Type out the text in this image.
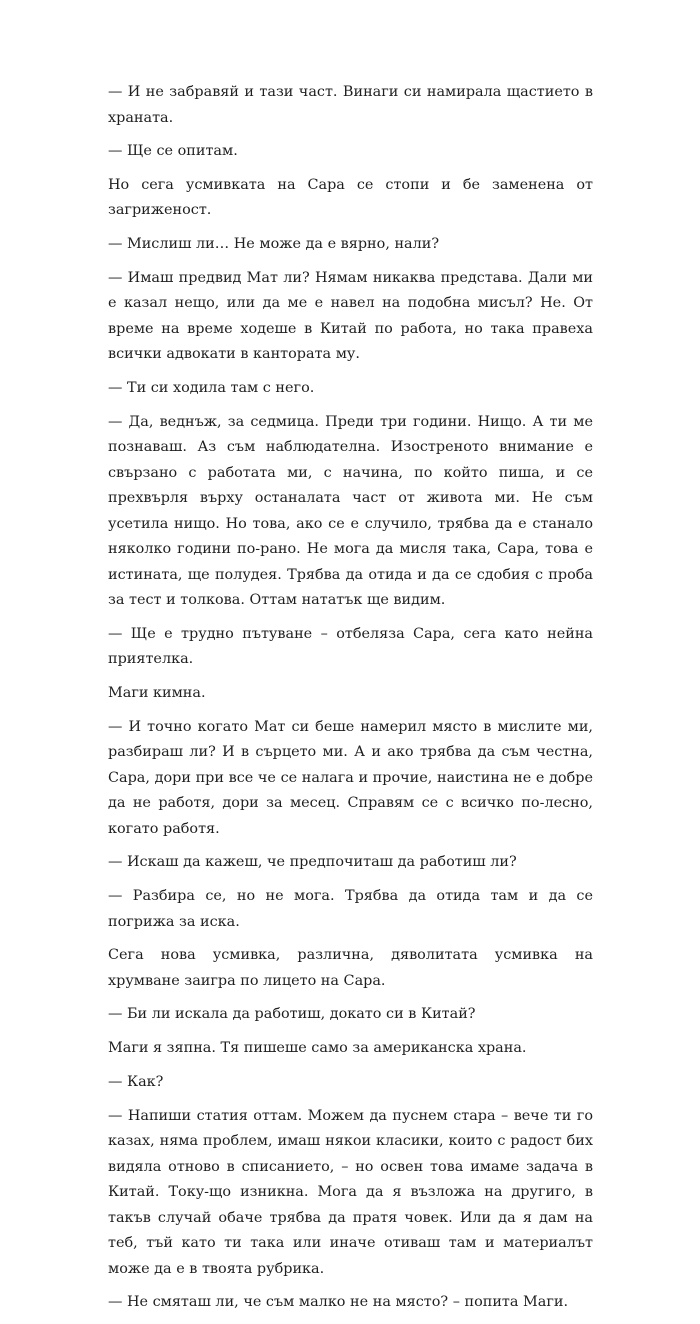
— И не забравяй и тази част. Винаги си намирала щастието в храната.

— Ще се опитам.

Но сега усмивката на Сара се стопи и бе заменена от загриженост.

— Мислиш ли… Не може да е вярно, нали?

— Имаш предвид Мат ли? Нямам никаква представа. Дали ми е казал нещо, или да ме е навел на подобна мисъл? Не. От време на време ходеше в Китай по работа, но така правеха всички адвокати в кантората му.

— Ти си ходила там с него.

— Да, веднъж, за седмица. Преди три години. Нищо. А ти ме познаваш. Аз съм наблюдателна. Изостреното внимание е свързано с работата ми, с начина, по който пиша, и се прехвърля върху останалата част от живота ми. Не съм усетила нищо. Но това, ако се е случило, трябва да е станало няколко години по-рано. Не мога да мисля така, Сара, това е истината, ще полудея. Трябва да отида и да се сдобия с проба за тест и толкова. Оттам нататък ще видим.

— Ще е трудно пътуване – отбеляза Сара, сега като нейна приятелка.

Маги кимна.

— И точно когато Мат си беше намерил място в мислите ми, разбираш ли? И в сърцето ми. А и ако трябва да съм честна, Сара, дори при все че се налага и прочие, наистина не е добре да не работя, дори за месец. Справям се с всичко по-лесно, когато работя.

— Искаш да кажеш, че предпочиташ да работиш ли?

— Разбира се, но не мога. Трябва да отида там и да се погрижа за иска.

Сега нова усмивка, различна, дяволитата усмивка на хрумване заигра по лицето на Сара.

— Би ли искала да работиш, докато си в Китай?

Маги я зяпна. Тя пишеше само за американска храна.

— Как?

— Напиши статия оттам. Можем да пуснем стара – вече ти го казах, няма проблем, имаш някои класики, които с радост бих видяла отново в списанието, – но освен това имаме задача в Китай. Току-що изникна. Мога да я възложа на другиго, в такъв случай обаче трябва да пратя човек. Или да я дам на теб, тъй като ти така или иначе отиваш там и материалът може да е в твоята рубрика.

— Не смяташ ли, че съм малко не на място? – попита Маги.
